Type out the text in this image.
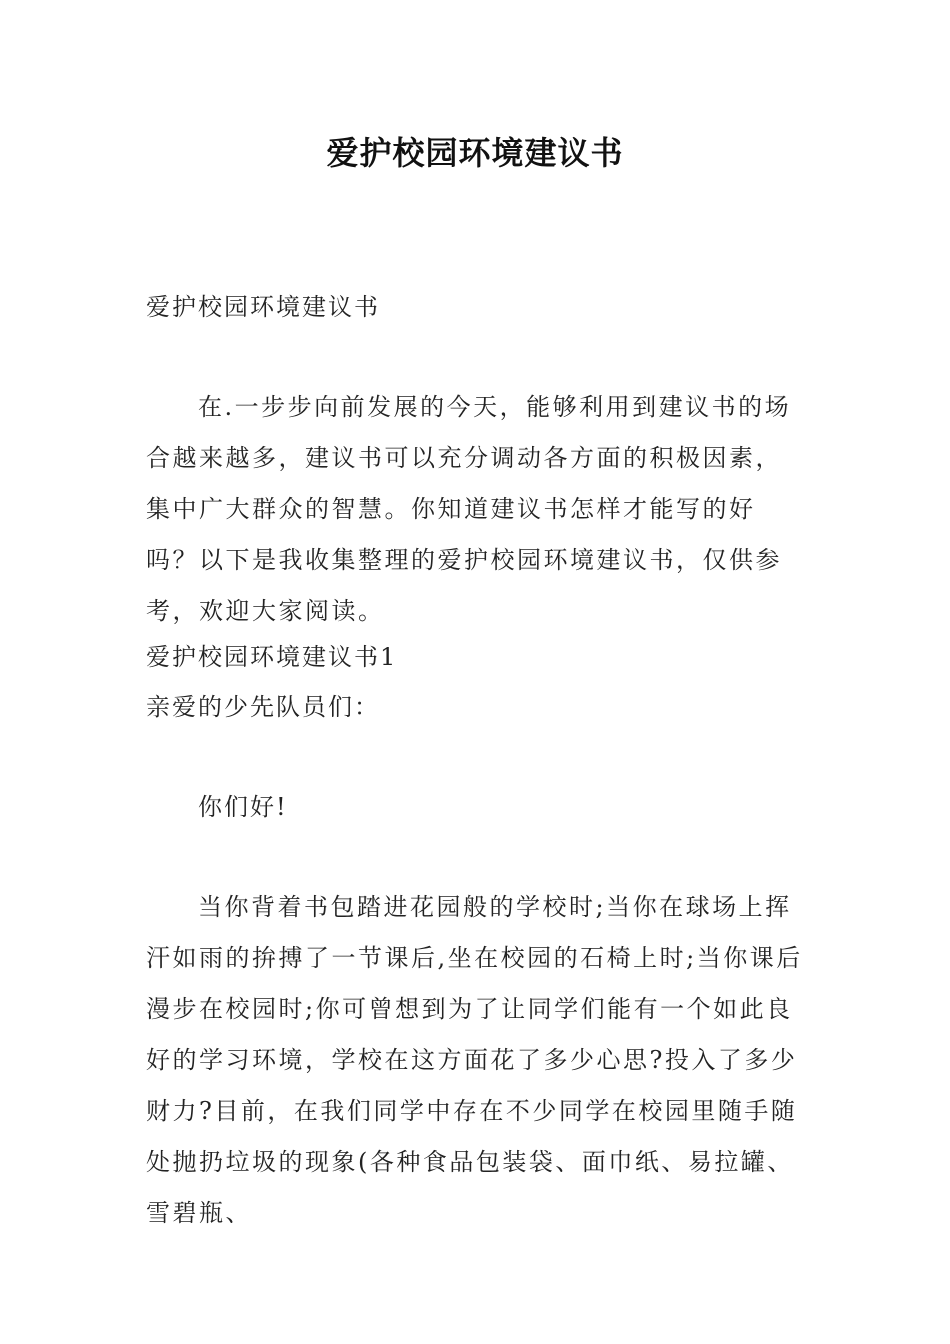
爱护校园环境建议书

爱护校园环境建议书

在.一步步向前发展的今天，能够利用到建议书的场合越来越多，建议书可以充分调动各方面的积极因素，集中广大群众的智慧。你知道建议书怎样才能写的好吗？以下是我收集整理的爱护校园环境建议书，仅供参考，欢迎大家阅读。

爱护校园环境建议书1

亲爱的少先队员们：

你们好!

当你背着书包踏进花园般的学校时;当你在球场上挥汗如雨的拚搏了一节课后,坐在校园的石椅上时;当你课后漫步在校园时;你可曾想到为了让同学们能有一个如此良好的学习环境，学校在这方面花了多少心思?投入了多少财力?目前，在我们同学中存在不少同学在校园里随手随处抛扔垃圾的现象(各种食品包装袋、面巾纸、易拉罐、雪碧瓶、
